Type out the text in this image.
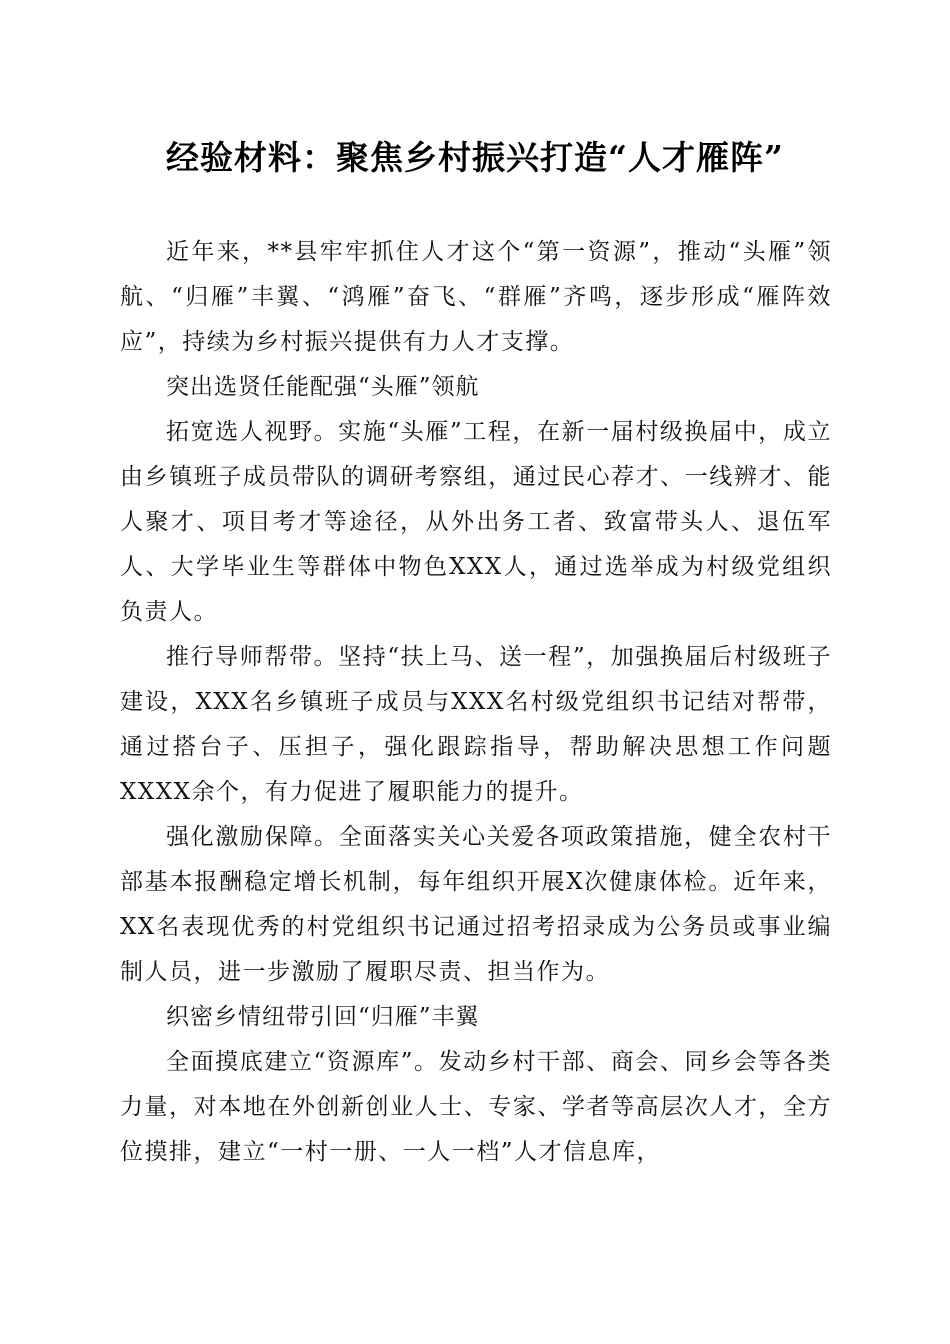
经验材料：聚焦乡村振兴打造“人才雁阵”

近年来，**县牢牢抓住人才这个“第一资源”，推动“头雁”领航、“归雁”丰翼、“鸿雁”奋飞、“群雁”齐鸣，逐步形成“雁阵效应”，持续为乡村振兴提供有力人才支撑。

突出选贤任能配强“头雁”领航

拓宽选人视野。实施“头雁”工程，在新一届村级换届中，成立由乡镇班子成员带队的调研考察组，通过民心荐才、一线辨才、能人聚才、项目考才等途径，从外出务工者、致富带头人、退伍军人、大学毕业生等群体中物色XXX人，通过选举成为村级党组织负责人。

推行导师帮带。坚持“扶上马、送一程”，加强换届后村级班子建设，XXX名乡镇班子成员与XXX名村级党组织书记结对帮带，通过搭台子、压担子，强化跟踪指导，帮助解决思想工作问题XXXX余个，有力促进了履职能力的提升。

强化激励保障。全面落实关心关爱各项政策措施，健全农村干部基本报酬稳定增长机制，每年组织开展X次健康体检。近年来，XX名表现优秀的村党组织书记通过招考招录成为公务员或事业编制人员，进一步激励了履职尽责、担当作为。

织密乡情纽带引回“归雁”丰翼

全面摸底建立“资源库”。发动乡村干部、商会、同乡会等各类力量，对本地在外创新创业人士、专家、学者等高层次人才，全方位摸排，建立“一村一册、一人一档”人才信息库，
